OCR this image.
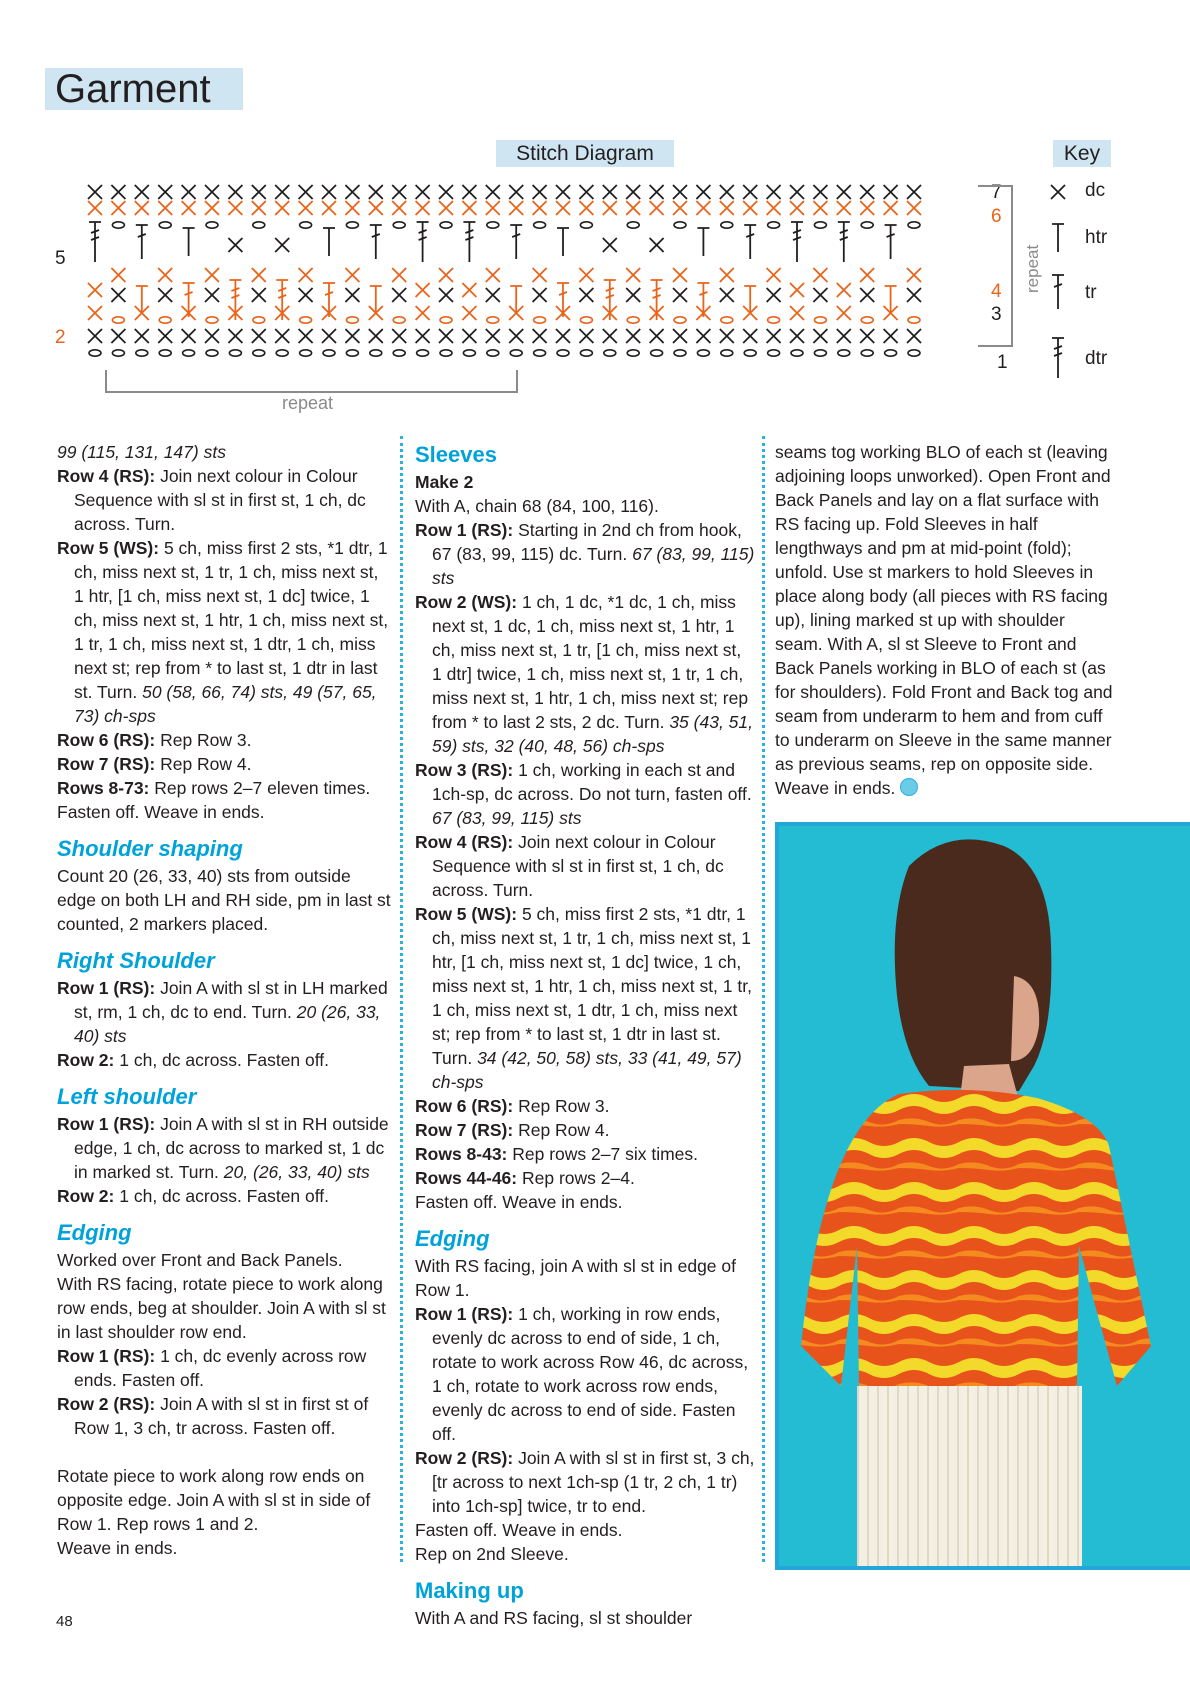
Garment
Stitch Diagram	Key
7
6
5
4
3
2
1
repeat
repeat
dc
htr
tr
dtr

99 (115, 131, 147) sts

Row 4 (RS): Join next colour in Colour Sequence with sl st in first st, 1 ch, dc across. Turn.

Row 5 (WS): 5 ch, miss first 2 sts, *1 dtr, 1 ch, miss next st, 1 tr, 1 ch, miss next st, 1 htr, [1 ch, miss next st, 1 dc] twice, 1 ch, miss next st, 1 htr, 1 ch, miss next st, 1 tr, 1 ch, miss next st, 1 dtr, 1 ch, miss next st; rep from * to last st, 1 dtr in last st. Turn. 50 (58, 66, 74) sts, 49 (57, 65, 73) ch-sps

Row 6 (RS): Rep Row 3.

Row 7 (RS): Rep Row 4.

Rows 8-73: Rep rows 2–7 eleven times.

Fasten off. Weave in ends.

Shoulder shaping

Count 20 (26, 33, 40) sts from outside edge on both LH and RH side, pm in last st counted, 2 markers placed.

Right Shoulder

Row 1 (RS): Join A with sl st in LH marked st, rm, 1 ch, dc to end. Turn. 20 (26, 33, 40) sts

Row 2: 1 ch, dc across. Fasten off.

Left shoulder

Row 1 (RS): Join A with sl st in RH outside edge, 1 ch, dc across to marked st, 1 dc in marked st. Turn. 20, (26, 33, 40) sts

Row 2: 1 ch, dc across. Fasten off.

Edging

Worked over Front and Back Panels.

With RS facing, rotate piece to work along row ends, beg at shoulder. Join A with sl st in last shoulder row end.

Row 1 (RS): 1 ch, dc evenly across row ends. Fasten off.

Row 2 (RS): Join A with sl st in first st of Row 1, 3 ch, tr across. Fasten off.

Rotate piece to work along row ends on opposite edge. Join A with sl st in side of Row 1. Rep rows 1 and 2.

Weave in ends.

Sleeves

Make 2

With A, chain 68 (84, 100, 116).

Row 1 (RS): Starting in 2nd ch from hook, 67 (83, 99, 115) dc. Turn. 67 (83, 99, 115) sts

Row 2 (WS): 1 ch, 1 dc, *1 dc, 1 ch, miss next st, 1 dc, 1 ch, miss next st, 1 htr, 1 ch, miss next st, 1 tr, [1 ch, miss next st, 1 dtr] twice, 1 ch, miss next st, 1 tr, 1 ch, miss next st, 1 htr, 1 ch, miss next st; rep from * to last 2 sts, 2 dc. Turn. 35 (43, 51, 59) sts, 32 (40, 48, 56) ch-sps

Row 3 (RS): 1 ch, working in each st and 1ch-sp, dc across. Do not turn, fasten off. 67 (83, 99, 115) sts

Row 4 (RS): Join next colour in Colour Sequence with sl st in first st, 1 ch, dc across. Turn.

Row 5 (WS): 5 ch, miss first 2 sts, *1 dtr, 1 ch, miss next st, 1 tr, 1 ch, miss next st, 1 htr, [1 ch, miss next st, 1 dc] twice, 1 ch, miss next st, 1 htr, 1 ch, miss next st, 1 tr, 1 ch, miss next st, 1 dtr, 1 ch, miss next st; rep from * to last st, 1 dtr in last st. Turn. 34 (42, 50, 58) sts, 33 (41, 49, 57) ch-sps

Row 6 (RS): Rep Row 3.

Row 7 (RS): Rep Row 4.

Rows 8-43: Rep rows 2–7 six times.

Rows 44-46: Rep rows 2–4.

Fasten off. Weave in ends.

Edging

With RS facing, join A with sl st in edge of Row 1.

Row 1 (RS): 1 ch, working in row ends, evenly dc across to end of side, 1 ch, rotate to work across Row 46, dc across, 1 ch, rotate to work across row ends, evenly dc across to end of side. Fasten off.

Row 2 (RS): Join A with sl st in first st, 3 ch, [tr across to next 1ch-sp (1 tr, 2 ch, 1 tr) into 1ch-sp] twice, tr to end.

Fasten off. Weave in ends.

Rep on 2nd Sleeve.

Making up

With A and RS facing, sl st shoulder

seams tog working BLO of each st (leaving adjoining loops unworked). Open Front and Back Panels and lay on a flat surface with RS facing up. Fold Sleeves in half lengthways and pm at mid-point (fold); unfold. Use st markers to hold Sleeves in place along body (all pieces with RS facing up), lining marked st up with shoulder seam. With A, sl st Sleeve to Front and Back Panels working in BLO of each st (as for shoulders). Fold Front and Back tog and seam from underarm to hem and from cuff to underarm on Sleeve in the same manner as previous seams, rep on opposite side. Weave in ends.

48
